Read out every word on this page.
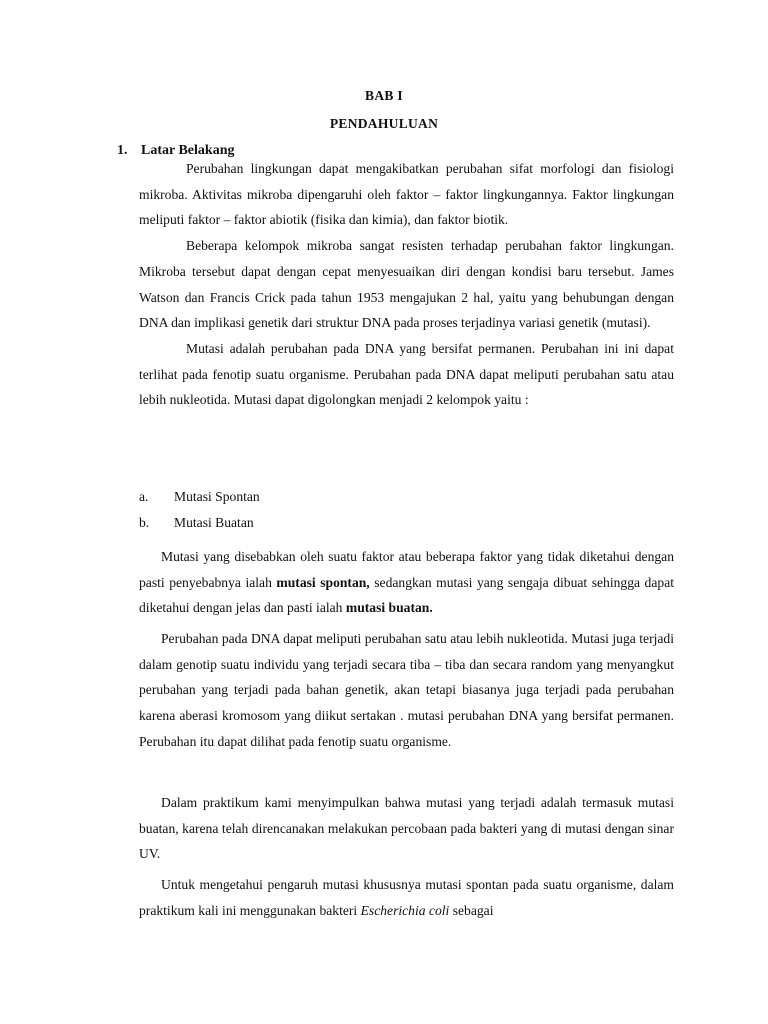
BAB I
PENDAHULUAN
1. Latar Belakang

Perubahan lingkungan dapat mengakibatkan perubahan sifat morfologi dan fisiologi mikroba. Aktivitas mikroba dipengaruhi oleh faktor – faktor lingkungannya. Faktor lingkungan meliputi faktor – faktor abiotik (fisika dan kimia), dan faktor biotik.

Beberapa kelompok mikroba sangat resisten terhadap perubahan faktor lingkungan. Mikroba tersebut dapat dengan cepat menyesuaikan diri dengan kondisi baru tersebut. James Watson dan Francis Crick pada tahun 1953 mengajukan 2 hal, yaitu yang behubungan dengan DNA dan implikasi genetik dari struktur DNA pada proses terjadinya variasi genetik (mutasi).

Mutasi adalah perubahan pada DNA yang bersifat permanen. Perubahan ini ini dapat terlihat pada fenotip suatu organisme. Perubahan pada DNA dapat meliputi perubahan satu atau lebih nukleotida. Mutasi dapat digolongkan menjadi 2 kelompok yaitu :

a. Mutasi Spontan
b. Mutasi Buatan

Mutasi yang disebabkan oleh suatu faktor atau beberapa faktor yang tidak diketahui dengan pasti penyebabnya ialah mutasi spontan, sedangkan mutasi yang sengaja dibuat sehingga dapat diketahui dengan jelas dan pasti ialah mutasi buatan.

Perubahan pada DNA dapat meliputi perubahan satu atau lebih nukleotida. Mutasi juga terjadi dalam genotip suatu individu yang terjadi secara tiba – tiba dan secara random yang menyangkut perubahan yang terjadi pada bahan genetik, akan tetapi biasanya juga terjadi pada perubahan karena aberasi kromosom yang diikut sertakan . mutasi perubahan DNA yang bersifat permanen. Perubahan itu dapat dilihat pada fenotip suatu organisme.

Dalam praktikum kami menyimpulkan bahwa mutasi yang terjadi adalah termasuk mutasi buatan, karena telah direncanakan melakukan percobaan pada bakteri yang di mutasi dengan sinar UV.

Untuk mengetahui pengaruh mutasi khususnya mutasi spontan pada suatu organisme, dalam praktikum kali ini menggunakan bakteri Escherichia coli sebagai
